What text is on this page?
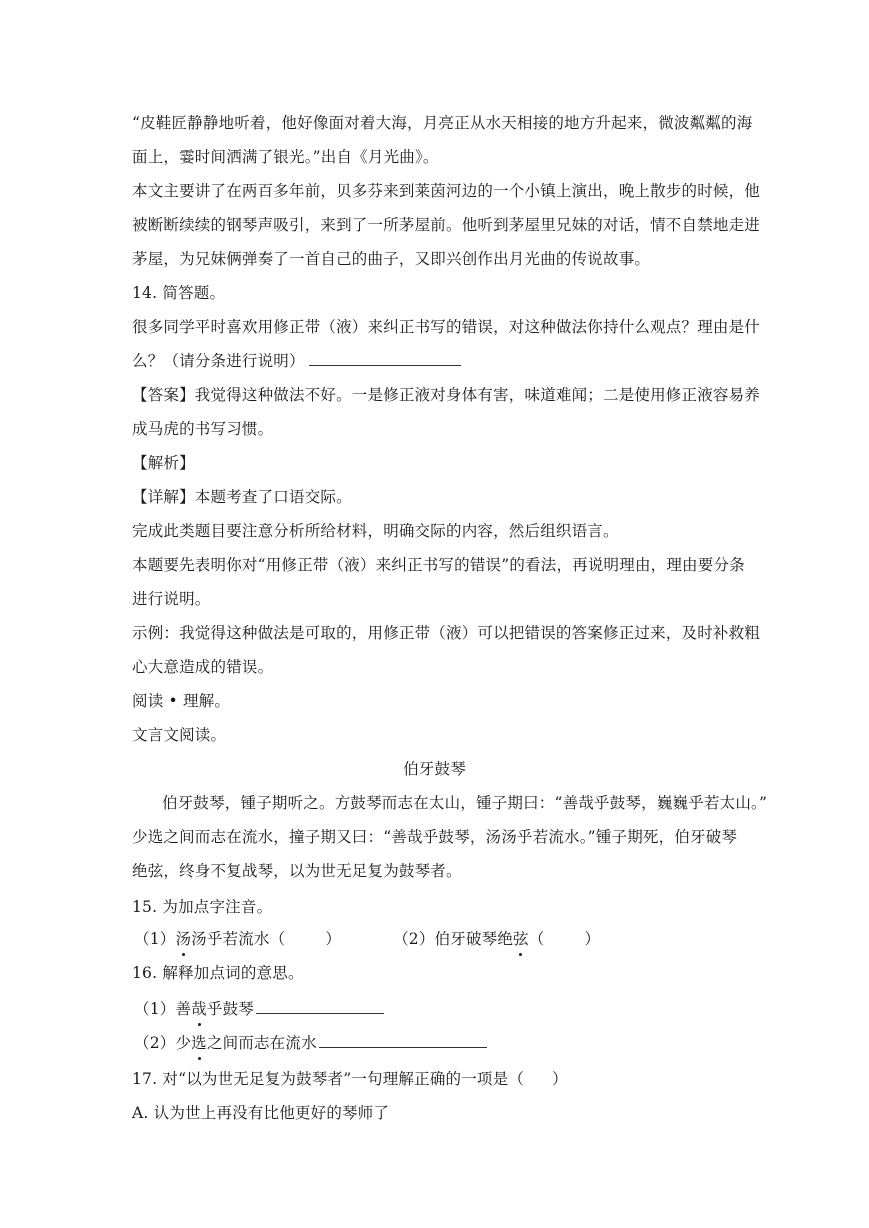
“皮鞋匠静静地听着，他好像面对着大海，月亮正从水天相接的地方升起来，微波粼粼的海
面上，霎时间洒满了银光。”出自《月光曲》。
本文主要讲了在两百多年前，贝多芬来到莱茵河边的一个小镇上演出，晚上散步的时候，他
被断断续续的钢琴声吸引，来到了一所茅屋前。他听到茅屋里兄妹的对话，情不自禁地走进
茅屋，为兄妹俩弹奏了一首自己的曲子，又即兴创作出月光曲的传说故事。
14. 简答题。
很多同学平时喜欢用修正带（液）来纠正书写的错误，对这种做法你持什么观点？理由是什
么？（请分条进行说明）
【答案】我觉得这种做法不好。一是修正液对身体有害，味道难闻；二是使用修正液容易养
成马虎的书写习惯。
【解析】
【详解】本题考查了口语交际。
完成此类题目要注意分析所给材料，明确交际的内容，然后组织语言。
本题要先表明你对“用修正带（液）来纠正书写的错误”的看法，再说明理由，理由要分条
进行说明。
示例：我觉得这种做法是可取的，用修正带（液）可以把错误的答案修正过来，及时补救粗
心大意造成的错误。
阅读 • 理解。
文言文阅读。
伯牙鼓琴
伯牙鼓琴，锺子期听之。方鼓琴而志在太山，锺子期曰：“善哉乎鼓琴，巍巍乎若太山。”
少选之间而志在流水，撞子期又曰：“善哉乎鼓琴，汤汤乎若流水。”锺子期死，伯牙破琴
绝弦，终身不复战琴，以为世无足复为鼓琴者。
15. 为加点字注音。
（1）汤汤乎若流水（	）	（2）伯牙破琴绝弦（	）
16. 解释加点词的意思。
（1）善哉乎鼓琴
（2）少选之间而志在流水
17. 对“以为世无足复为鼓琴者”一句理解正确的一项是（ ）
A. 认为世上再没有比他更好的琴师了
